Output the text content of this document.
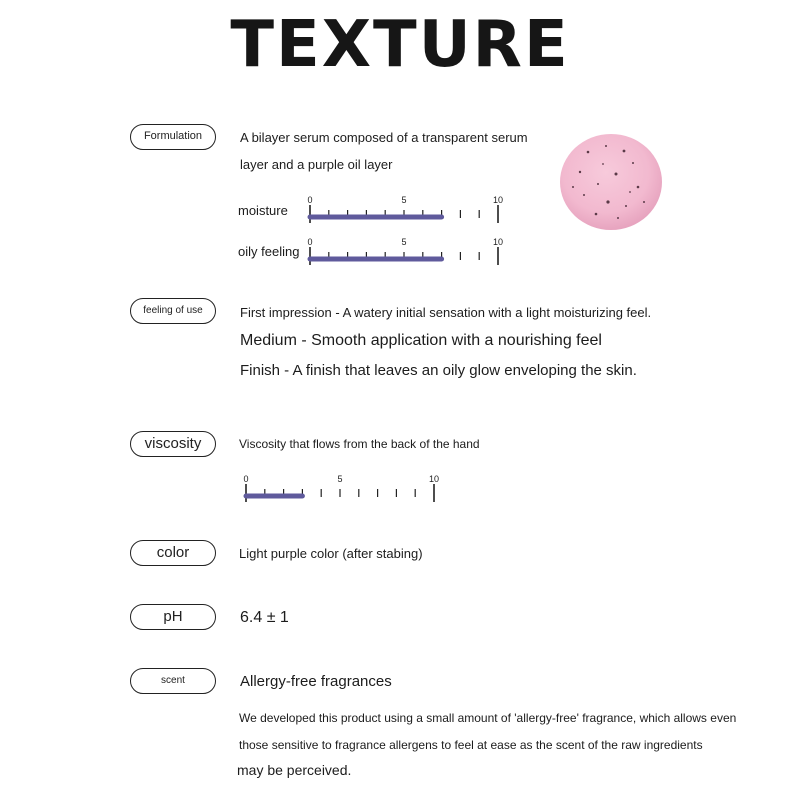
TEXTURE
Formulation	A bilayer serum composed of a transparent serum
layer and a purple oil layer
moisture
0	5	10
oily feeling
0	5	10
feeling of use	First impression - A watery initial sensation with a light moisturizing feel.
Medium - Smooth application with a nourishing feel
Finish - A finish that leaves an oily glow enveloping the skin.
viscosity	Viscosity that flows from the back of the hand
0	5	10
color	Light purple color (after stabing)
pH	6.4 ± 1
scent	Allergy-free fragrances
We developed this product using a small amount of 'allergy-free' fragrance, which allows even
those sensitive to fragrance allergens to feel at ease as the scent of the raw ingredients
may be perceived.
